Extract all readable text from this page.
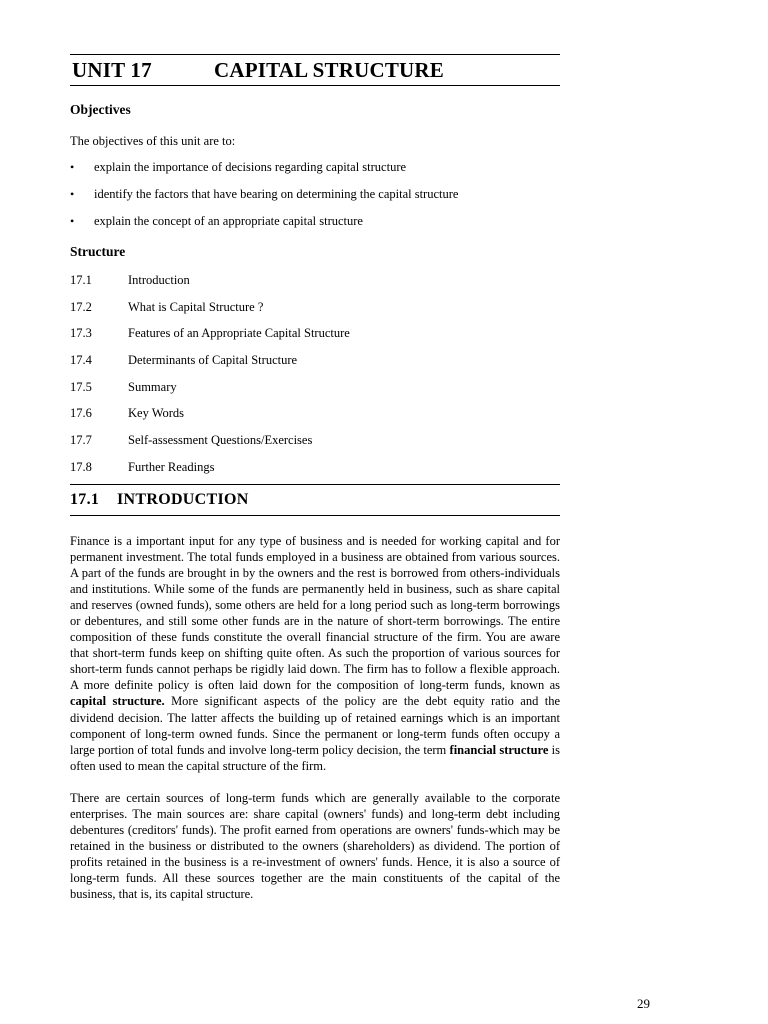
UNIT 17	CAPITAL STRUCTURE
Objectives
The objectives of this unit are to:
• explain the importance of decisions regarding capital structure
• identify the factors that have bearing on determining the capital structure
• explain the concept of an appropriate capital structure
Structure
17.1	Introduction
17.2	What is Capital Structure ?
17.3	Features of an Appropriate Capital Structure
17.4	Determinants of Capital Structure
17.5	Summary
17.6	Key Words
17.7	Self-assessment Questions/Exercises
17.8	Further Readings
17.1	INTRODUCTION

Finance is a important input for any type of business and is needed for working capital and for permanent investment. The total funds employed in a business are obtained from various sources. A part of the funds are brought in by the owners and the rest is borrowed from others-individuals and institutions. While some of the funds are permanently held in business, such as share capital and reserves (owned funds), some others are held for a long period such as long-term borrowings or debentures, and still some other funds are in the nature of short-term borrowings. The entire composition of these funds constitute the overall financial structure of the firm. You are aware that short-term funds keep on shifting quite often. As such the proportion of various sources for short-term funds cannot perhaps be rigidly laid down. The firm has to follow a flexible approach. A more definite policy is often laid down for the composition of long-term funds, known as capital structure. More significant aspects of the policy are the debt equity ratio and the dividend decision. The latter affects the building up of retained earnings which is an important component of long-term owned funds. Since the permanent or long-term funds often occupy a large portion of total funds and involve long-term policy decision, the term financial structure is often used to mean the capital structure of the firm.

There are certain sources of long-term funds which are generally available to the corporate enterprises. The main sources are: share capital (owners' funds) and long-term debt including debentures (creditors' funds). The profit earned from operations are owners' funds-which may be retained in the business or distributed to the owners (shareholders) as dividend. The portion of profits retained in the business is a re-investment of owners' funds. Hence, it is also a source of long-term funds. All these sources together are the main constituents of the capital of the business, that is, its capital structure.

29
